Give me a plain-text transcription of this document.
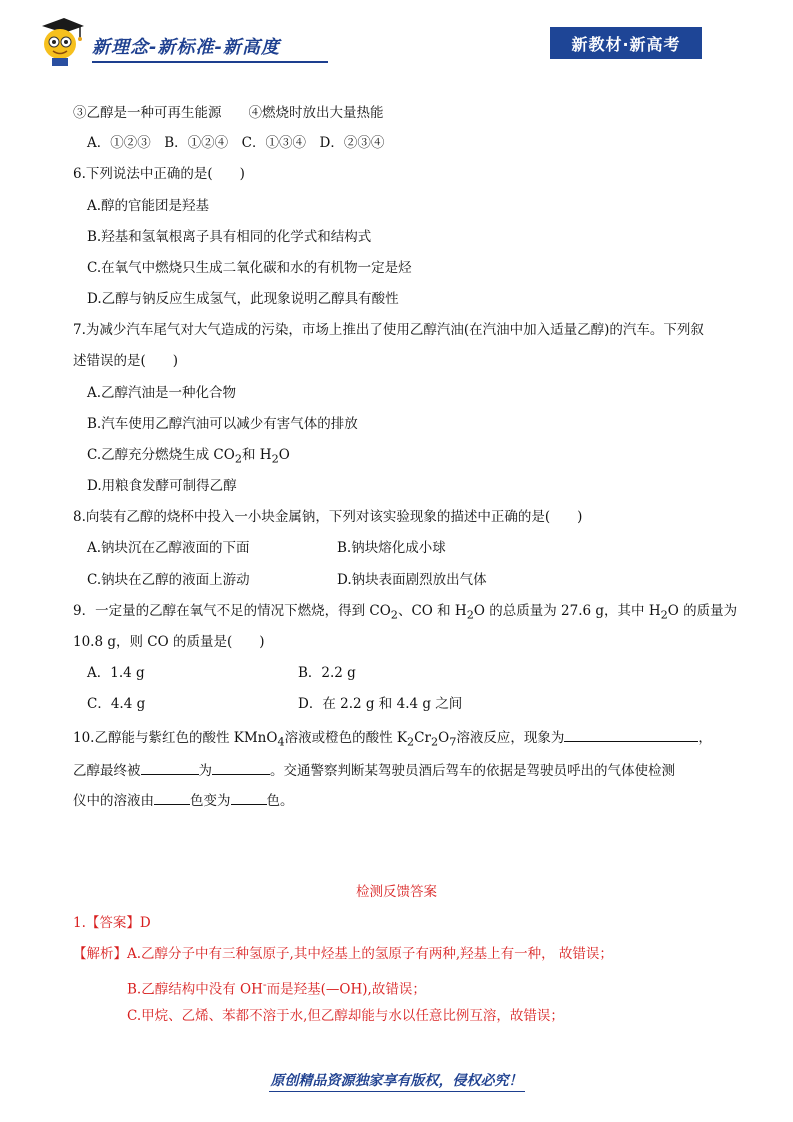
新理念-新标准-新高度	新教材·新高考
③乙醇是一种可再生能源　　④燃烧时放出大量热能
A．①②③　B．①②④　C．①③④　D．②③④
6.下列说法中正确的是(　　)
A.醇的官能团是羟基
B.羟基和氢氧根离子具有相同的化学式和结构式
C.在氧气中燃烧只生成二氧化碳和水的有机物一定是烃
D.乙醇与钠反应生成氢气，此现象说明乙醇具有酸性
7.为减少汽车尾气对大气造成的污染，市场上推出了使用乙醇汽油(在汽油中加入适量乙醇)的汽车。下列叙
述错误的是(　　)
A.乙醇汽油是一种化合物
B.汽车使用乙醇汽油可以减少有害气体的排放
C.乙醇充分燃烧生成 $CO_2$和 $H_2O$
D.用粮食发酵可制得乙醇
8.向装有乙醇的烧杯中投入一小块金属钠，下列对该实验现象的描述中正确的是(　　)
A.钠块沉在乙醇液面的下面	B.钠块熔化成小球
C.钠块在乙醇的液面上游动	D.钠块表面剧烈放出气体
9．一定量的乙醇在氧气不足的情况下燃烧，得到 $CO_2$、CO 和 $H_2O$ 的总质量为 27.6 g，其中 $H_2O$ 的质量为
10.8 g，则 CO 的质量是(　　)
A．1.4 g	B．2.2 g
C．4.4 g	D．在 2.2 g 和 4.4 g 之间
10.乙醇能与紫红色的酸性 KMnO$_4$溶液或橙色的酸性 $K_2Cr_2O_7$溶液反应，现象为	，
乙醇最终被	为	。交通警察判断某驾驶员酒后驾车的依据是驾驶员呼出的气体使检测
仪中的溶液由	色变为	色。
检测反馈答案
1.【答案】D
【解析】A.乙醇分子中有三种氢原子,其中烃基上的氢原子有两种,羟基上有一种， 故错误；
B.乙醇结构中没有 OH-而是羟基(—OH),故错误；
C.甲烷、乙烯、苯都不溶于水,但乙醇却能与水以任意比例互溶，故错误；
原创精品资源独家享有版权，侵权必究！
